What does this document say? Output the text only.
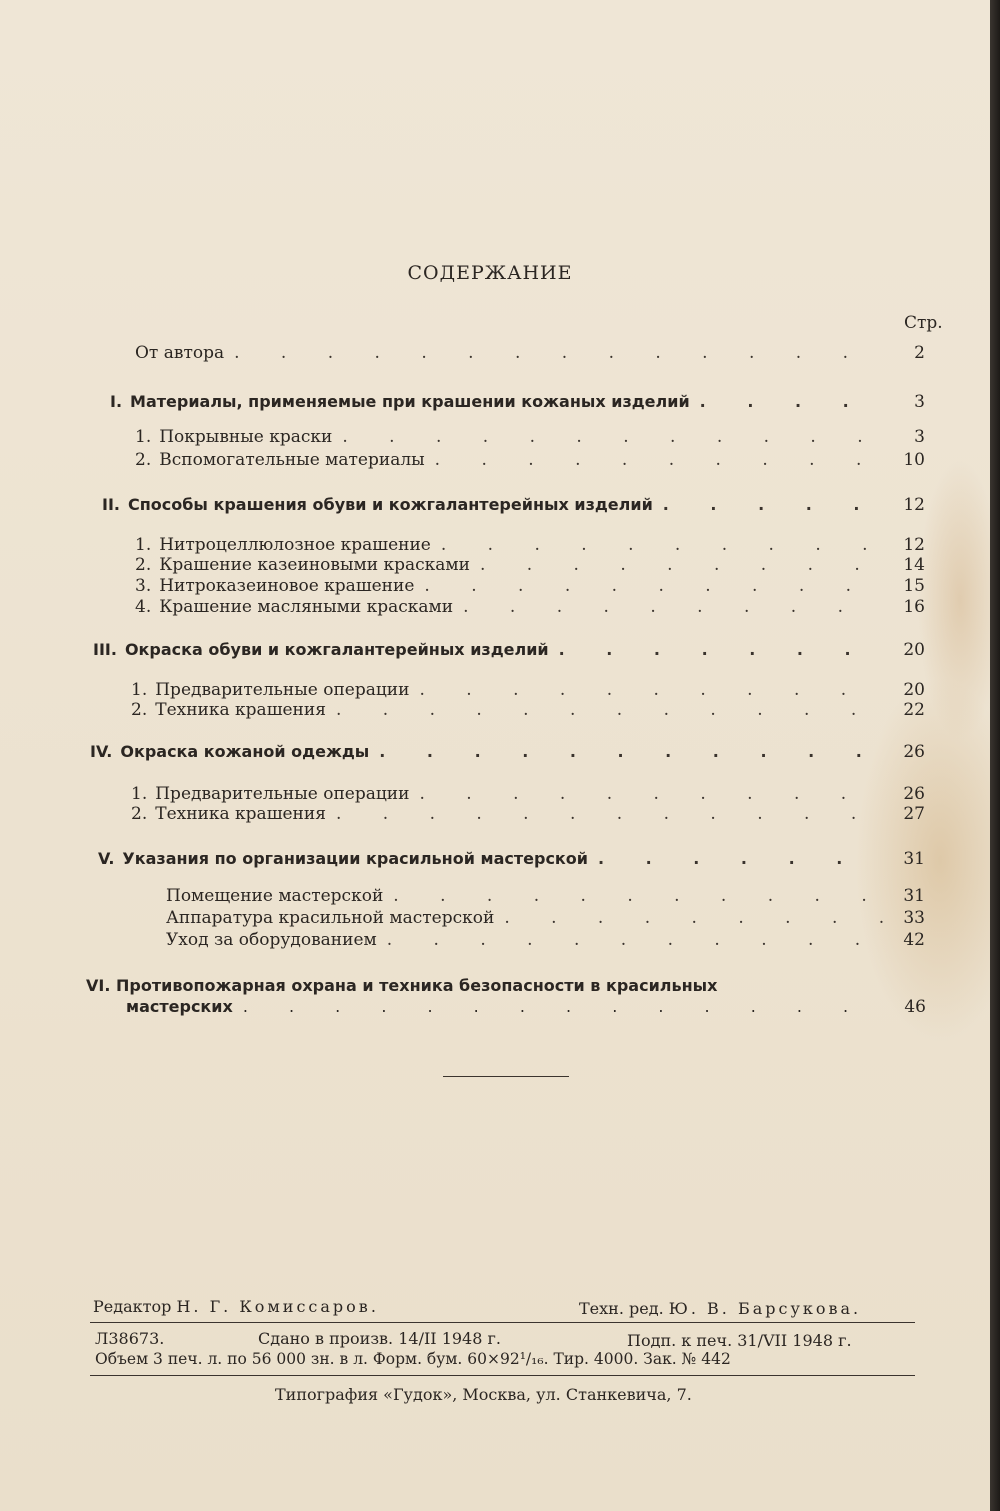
СОДЕРЖАНИЕ
Стр.
От автора . . .	2
I. Материалы, применяемые при крашении кожаных изделий . . .	3
1. Покрывные краски . . .	3
2. Вспомогательные материалы . . .	10
II. Способы крашения обуви и кожгалантерейных изделий . . .	12
1. Нитроцеллюлозное крашение . . .	12
2. Крашение казеиновыми красками . . .	14
3. Нитроказеиновое крашение . . .	15
4. Крашение масляными красками . . .	16
III. Окраска обуви и кожгалантерейных изделий . . .	20
1. Предварительные операции . . .	20
2. Техника крашения . . .	22
IV. Окраска кожаной одежды . . .	26
1. Предварительные операции . . .	26
2. Техника крашения . . .	27
V. Указания по организации красильной мастерской . . .	31
Помещение мастерской . . .	31
Аппаратура красильной мастерской . . .	33
Уход за оборудованием . . .	42
VI. Противопожарная охрана и техника безопасности в красильных
мастерских . . .	46
Редактор Н. Г. Комиссаров.	Техн. ред. Ю. В. Барсукова.
Л38673.	Сдано в произв. 14/II 1948 г.	Подп. к печ. 31/VII 1948 г.
Объем 3 печ. л. по 56 000 зн. в л. Форм. бум. 60×92¹/₁₆. Тир. 4000. Зак. № 442
Типография «Гудок», Москва, ул. Станкевича, 7.
